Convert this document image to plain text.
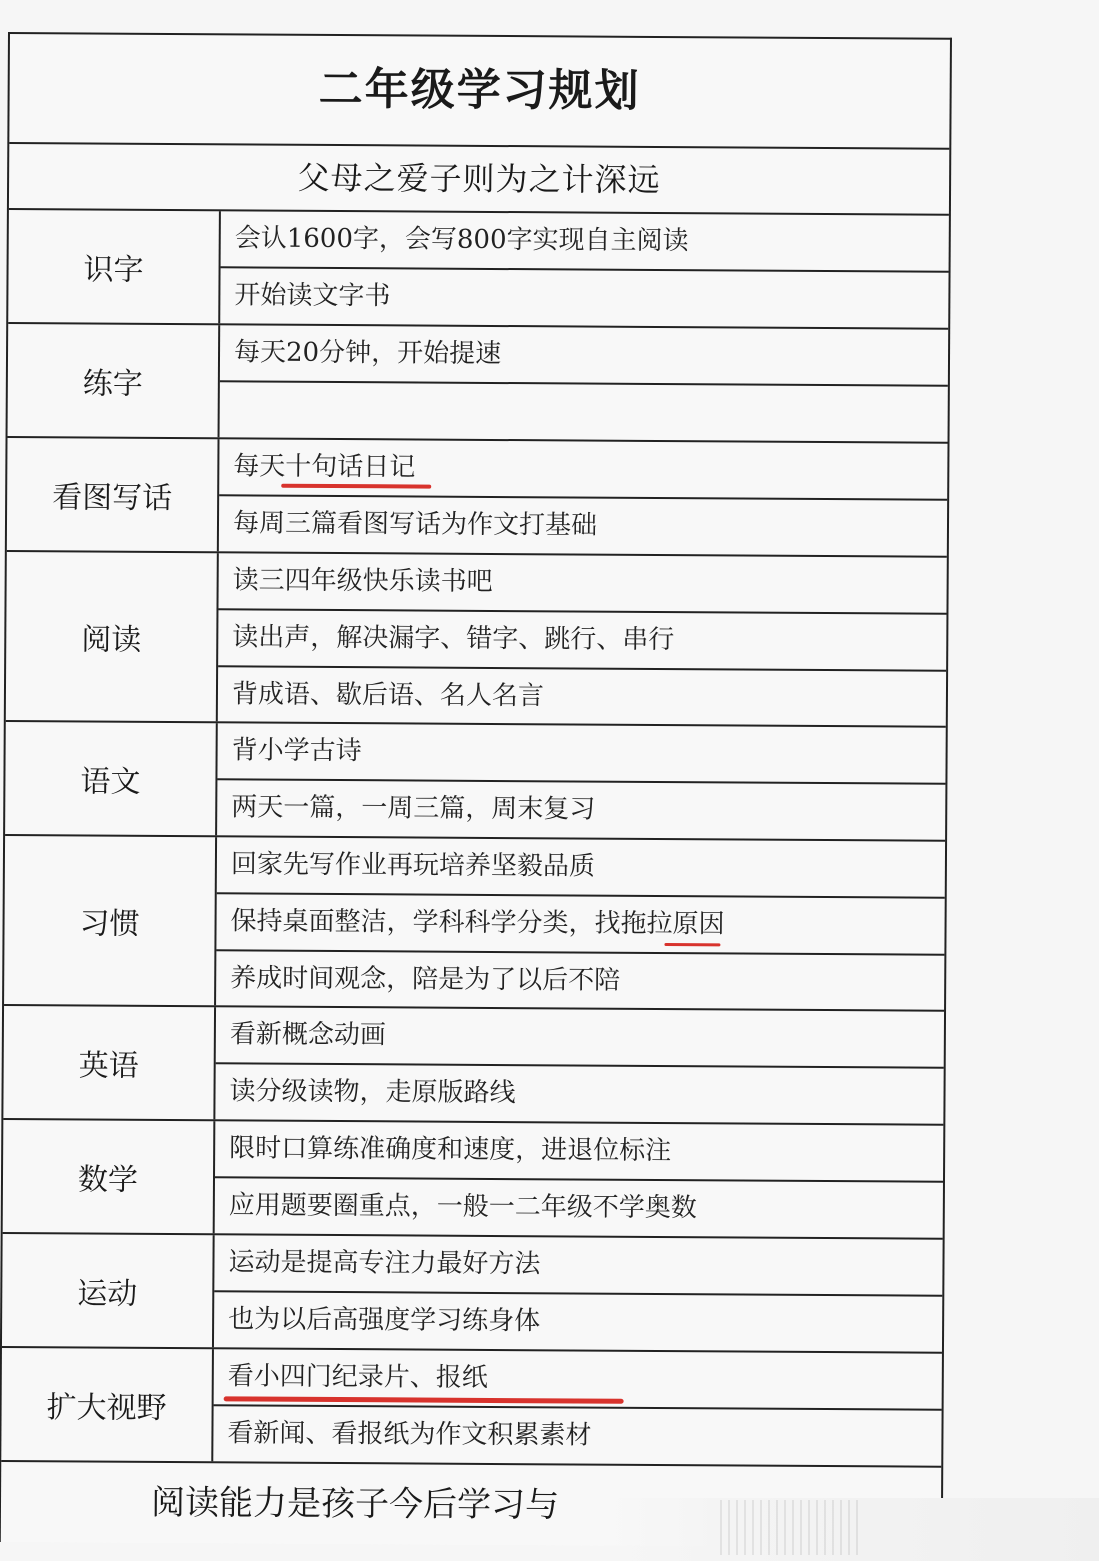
二年级学习规划
父母之爱子则为之计深远
识字
会认1600字，会写800字实现自主阅读
开始读文字书
练字
每天20分钟，开始提速
看图写话
每天十句话日记
每周三篇看图写话为作文打基础
阅读
读三四年级快乐读书吧
读出声，解决漏字、错字、跳行、串行
背成语、歇后语、名人名言
语文
背小学古诗
两天一篇，一周三篇，周末复习
习惯
回家先写作业再玩培养坚毅品质
保持桌面整洁，学科科学分类，找拖拉原因
养成时间观念，陪是为了以后不陪
英语
看新概念动画
读分级读物，走原版路线
数学
限时口算练准确度和速度，进退位标注
应用题要圈重点，一般一二年级不学奥数
运动
运动是提高专注力最好方法
也为以后高强度学习练身体
扩大视野
看小四门纪录片、报纸
看新闻、看报纸为作文积累素材
阅读能力是孩子今后学习与
